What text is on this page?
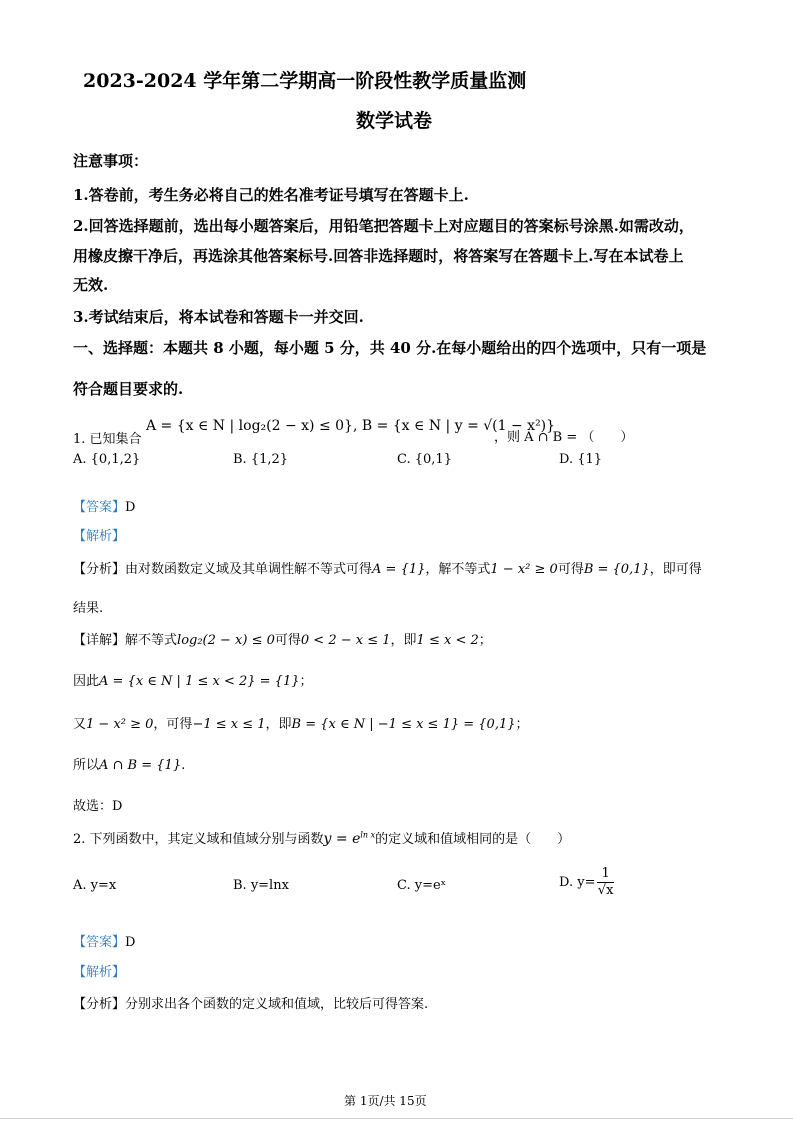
2023-2024 学年第二学期高一阶段性教学质量监测
数学试卷
注意事项：
1.答卷前，考生务必将自己的姓名准考证号填写在答题卡上.
2.回答选择题前，选出每小题答案后，用铅笔把答题卡上对应题目的答案标号涂黑.如需改动，
用橡皮擦干净后，再选涂其他答案标号.回答非选择题时，将答案写在答题卡上.写在本试卷上
无效.
3.考试结束后，将本试卷和答题卡一并交回.
一、选择题：本题共 8 小题，每小题 5 分，共 40 分.在每小题给出的四个选项中，只有一项是
符合题目要求的.
1. 已知集合
A = {x ∈ N | log₂(2 − x) ≤ 0}, B = {x ∈ N | y = √(1 − x²)}
，则 A ∩ B = （　　）
A. {0,1,2}	B. {1,2}	C. {0,1}	D. {1}
【答案】D
【解析】
【分析】由对数函数定义域及其单调性解不等式可得A = {1}，解不等式1 − x² ≥ 0可得B = {0,1}，即可得
结果.
【详解】解不等式log₂(2 − x) ≤ 0可得0 < 2 − x ≤ 1，即1 ≤ x < 2；
因此A = {x ∈ N | 1 ≤ x < 2} = {1}；
又1 − x² ≥ 0，可得−1 ≤ x ≤ 1，即B = {x ∈ N | −1 ≤ x ≤ 1} = {0,1}；
所以A ∩ B = {1}.
故选：D
2. 下列函数中，其定义域和值域分别与函数$y = e^{ln x}$的定义域和值域相同的是（　　）
A. y=x	B. y=lnx	C. y=eˣ	D. $y= \frac{1}{√x}$
【答案】D
【解析】
【分析】分别求出各个函数的定义域和值域，比较后可得答案.
第 1页/共 15页
